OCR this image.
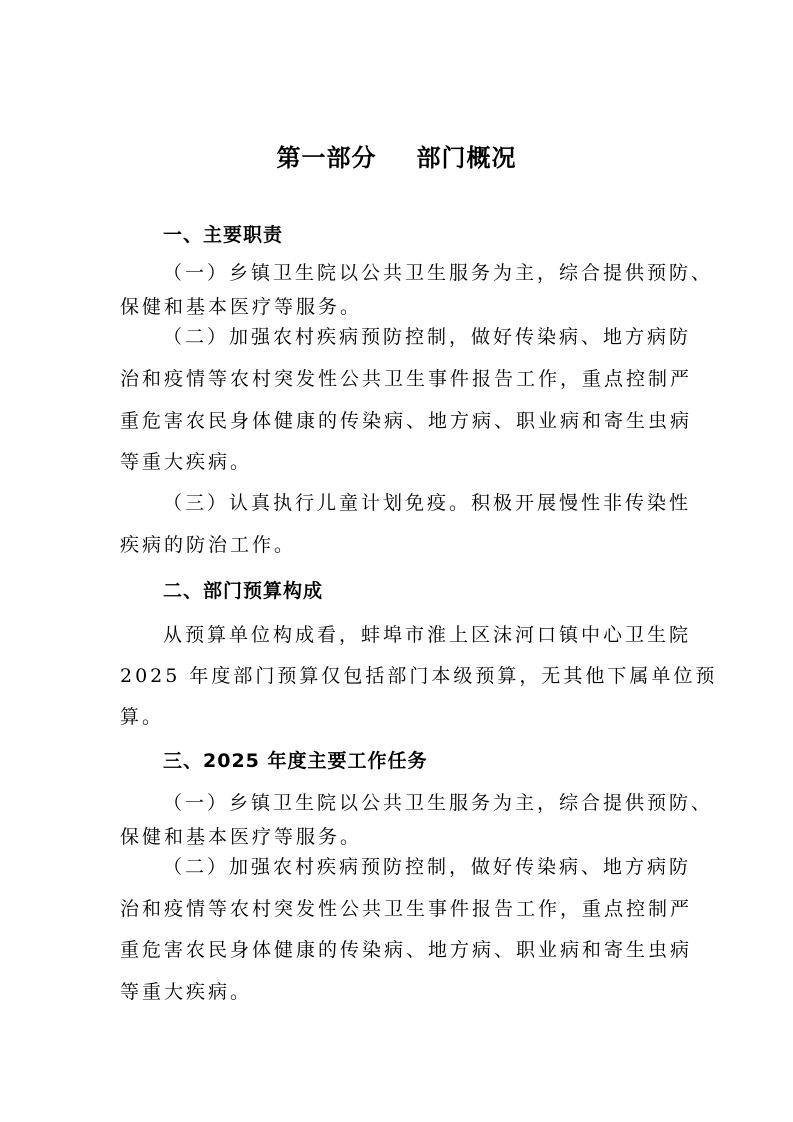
第一部分 部门概况
一、主要职责
（一）乡镇卫生院以公共卫生服务为主，综合提供预防、
保健和基本医疗等服务。
（二）加强农村疾病预防控制，做好传染病、地方病防
治和疫情等农村突发性公共卫生事件报告工作，重点控制严
重危害农民身体健康的传染病、地方病、职业病和寄生虫病
等重大疾病。
（三）认真执行儿童计划免疫。积极开展慢性非传染性
疾病的防治工作。
二、部门预算构成
从预算单位构成看，蚌埠市淮上区沫河口镇中心卫生院
2025 年度部门预算仅包括部门本级预算，无其他下属单位预
算。
三、2025 年度主要工作任务
（一）乡镇卫生院以公共卫生服务为主，综合提供预防、
保健和基本医疗等服务。
（二）加强农村疾病预防控制，做好传染病、地方病防
治和疫情等农村突发性公共卫生事件报告工作，重点控制严
重危害农民身体健康的传染病、地方病、职业病和寄生虫病
等重大疾病。
